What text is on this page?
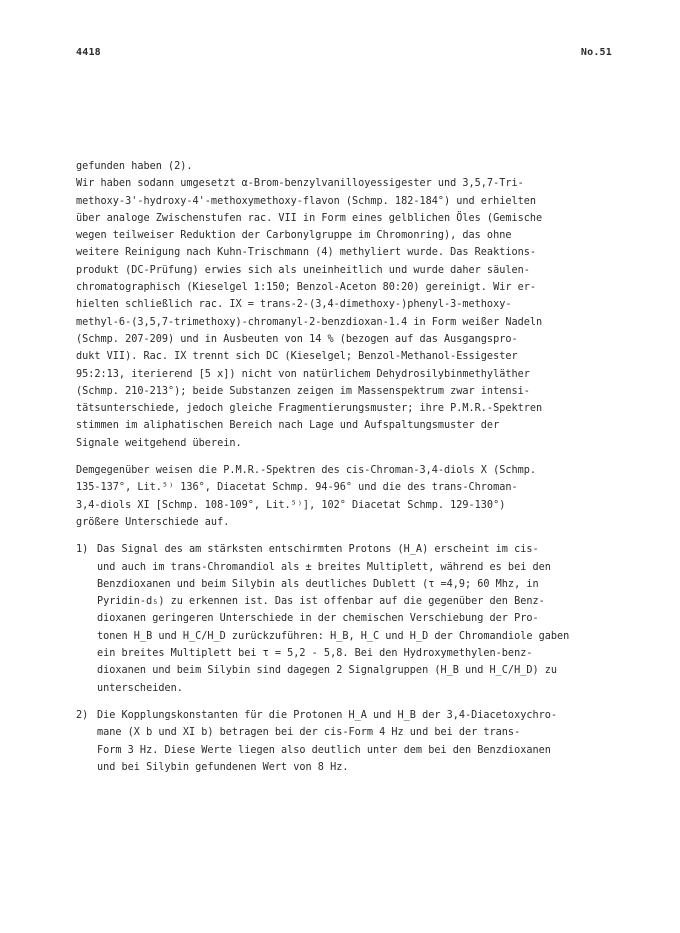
4418	No.51
gefunden haben (2).
Wir haben sodann umgesetzt α-Brom-benzylvanilloyessigester und 3,5,7-Tri-
methoxy-3'-hydroxy-4'-methoxymethoxy-flavon (Schmp. 182-184°) und erhielten
über analoge Zwischenstufen rac. VII in Form eines gelblichen Öles (Gemische
wegen teilweiser Reduktion der Carbonylgruppe im Chromonring), das ohne
weitere Reinigung nach Kuhn-Trischmann (4) methyliert wurde. Das Reaktions-
produkt (DC-Prüfung) erwies sich als uneinheitlich und wurde daher säulen-
chromatographisch (Kieselgel 1:150; Benzol-Aceton 80:20) gereinigt. Wir er-
hielten schließlich rac. IX = trans-2-(3,4-dimethoxy-)phenyl-3-methoxy-
methyl-6-(3,5,7-trimethoxy)-chromanyl-2-benzdioxan-1.4 in Form weißer Nadeln
(Schmp. 207-209) und in Ausbeuten von 14 % (bezogen auf das Ausgangspro-
dukt VII). Rac. IX trennt sich DC (Kieselgel; Benzol-Methanol-Essigester
95:2:13, iterierend [5 x]) nicht von natürlichem Dehydrosilybinmethyläther
(Schmp. 210-213°); beide Substanzen zeigen im Massenspektrum zwar intensi-
tätsunterschiede, jedoch gleiche Fragmentierungsmuster; ihre P.M.R.-Spektren
stimmen im aliphatischen Bereich nach Lage und Aufspaltungsmuster der
Signale weitgehend überein.
Demgegenüber weisen die P.M.R.-Spektren des cis-Chroman-3,4-diols X (Schmp.
135-137°, Lit.⁵⁾ 136°, Diacetat Schmp. 94-96° und die des trans-Chroman-
3,4-diols XI [Schmp. 108-109°, Lit.⁵⁾], 102° Diacetat Schmp. 129-130°)
größere Unterschiede auf.
1) Das Signal des am stärksten entschirmten Protons (H_A) erscheint im cis-
und auch im trans-Chromandiol als ± breites Multiplett, während es bei den
Benzdioxanen und beim Silybin als deutliches Dublett (τ =4,9; 60 Mhz, in
Pyridin-d₅) zu erkennen ist. Das ist offenbar auf die gegenüber den Benz-
dioxanen geringeren Unterschiede in der chemischen Verschiebung der Pro-
tonen H_B und H_C/H_D zurückzuführen: H_B, H_C und H_D der Chromandiole gaben
ein breites Multiplett bei τ = 5,2 - 5,8. Bei den Hydroxymethylen-benz-
dioxanen und beim Silybin sind dagegen 2 Signalgruppen (H_B und H_C/H_D) zu
unterscheiden.
2) Die Kopplungskonstanten für die Protonen H_A und H_B der 3,4-Diacetoxychro-
mane (X b und XI b) betragen bei der cis-Form 4 Hz und bei der trans-
Form 3 Hz. Diese Werte liegen also deutlich unter dem bei den Benzdioxanen
und bei Silybin gefundenen Wert von 8 Hz.
